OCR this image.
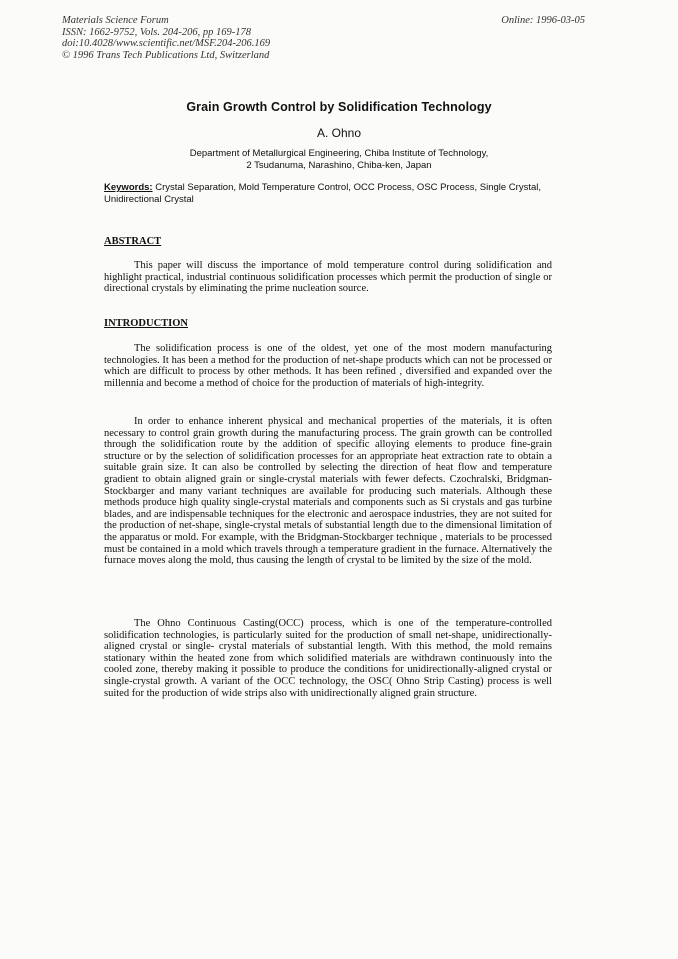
Materials Science Forum
ISSN: 1662-9752, Vols. 204-206, pp 169-178
doi:10.4028/www.scientific.net/MSF.204-206.169
© 1996 Trans Tech Publications Ltd, Switzerland
Online: 1996-03-05
Grain Growth Control by Solidification Technology
A. Ohno
Department of Metallurgical Engineering, Chiba Institute of Technology,
2 Tsudanuma, Narashino, Chiba-ken, Japan
Keywords: Crystal Separation, Mold Temperature Control, OCC Process, OSC Process, Single Crystal, Unidirectional Crystal
ABSTRACT

This paper will discuss the importance of mold temperature control during solidification and highlight practical, industrial continuous solidification processes which permit the production of single or directional crystals by eliminating the prime nucleation source.

INTRODUCTION

The solidification process is one of the oldest, yet one of the most modern manufacturing technologies. It has been a method for the production of net-shape products which can not be processed or which are difficult to process by other methods. It has been refined , diversified and expanded over the millennia and become a method of choice for the production of materials of high-integrity.

In order to enhance inherent physical and mechanical properties of the materials, it is often necessary to control grain growth during the manufacturing process. The grain growth can be controlled through the solidification route by the addition of specific alloying elements to produce fine-grain structure or by the selection of solidification processes for an appropriate heat extraction rate to obtain a suitable grain size. It can also be controlled by selecting the direction of heat flow and temperature gradient to obtain aligned grain or single-crystal materials with fewer defects. Czochralski, Bridgman-Stockbarger and many variant techniques are available for producing such materials. Although these methods produce high quality single-crystal materials and components such as Si crystals and gas turbine blades, and are indispensable techniques for the electronic and aerospace industries, they are not suited for the production of net-shape, single-crystal metals of substantial length due to the dimensional limitation of the apparatus or mold. For example, with the Bridgman-Stockbarger technique , materials to be processed must be contained in a mold which travels through a temperature gradient in the furnace. Alternatively the furnace moves along the mold, thus causing the length of crystal to be limited by the size of the mold.

The Ohno Continuous Casting(OCC) process, which is one of the temperature-controlled solidification technologies, is particularly suited for the production of small net-shape, unidirectionally-aligned crystal or single- crystal materials of substantial length. With this method, the mold remains stationary within the heated zone from which solidified materials are withdrawn continuously into the cooled zone, thereby making it possible to produce the conditions for unidirectionally-aligned crystal or single-crystal growth. A variant of the OCC technology, the OSC( Ohno Strip Casting) process is well suited for the production of wide strips also with unidirectionally aligned grain structure.
